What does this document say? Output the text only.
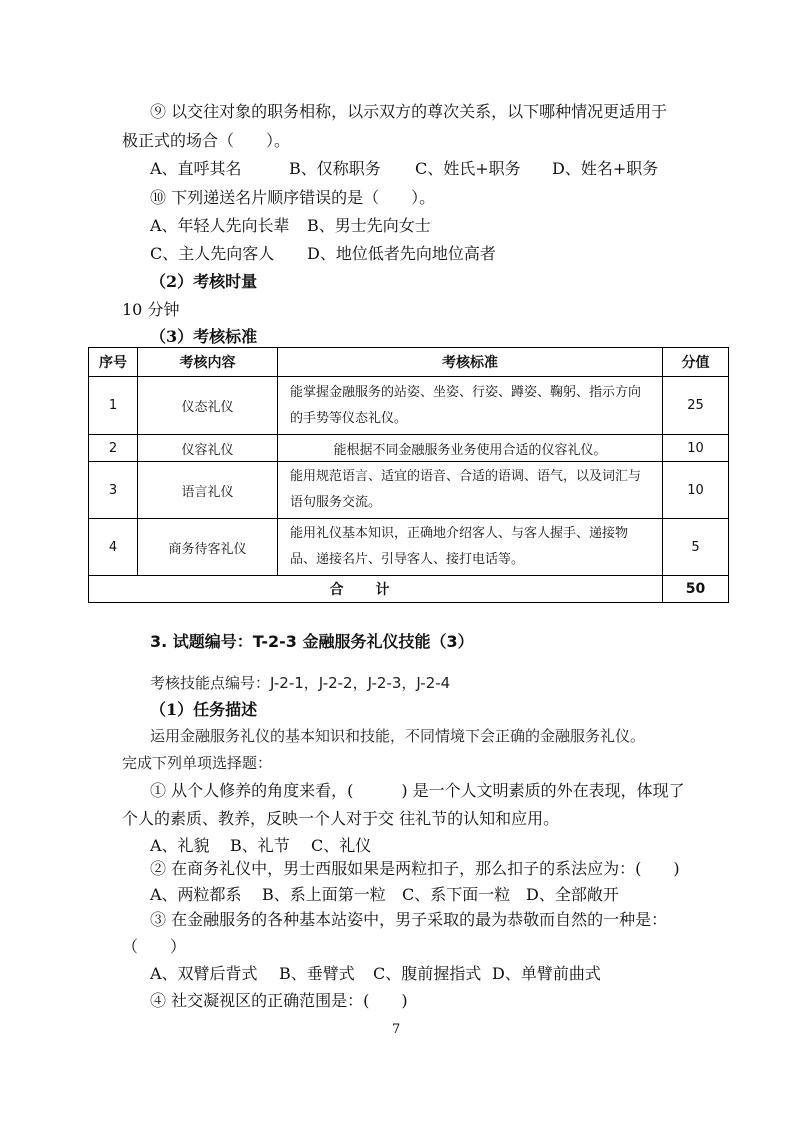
⑨ 以交往对象的职务相称，以示双方的尊次关系，以下哪种情况更适用于
极正式的场合（　　）。
A、直呼其名	B、仅称职务 C、姓氏+职务 D、姓名+职务
⑩ 下列递送名片顺序错误的是（　　）。
A、年轻人先向长辈 B、男士先向女士
C、主人先向客人 D、地位低者先向地位高者
（2）考核时量
10 分钟
（3）考核标准
序号	考核内容	考核标准	分值
1	仪态礼仪	能掌握金融服务的站姿、坐姿、行姿、蹲姿、鞠躬、指示方向的手势等仪态礼仪。	25
2	仪容礼仪	能根据不同金融服务业务使用合适的仪容礼仪。	10
3	语言礼仪	能用规范语言、适宜的语音、合适的语调、语气，以及词汇与语句服务交流。	10
4	商务待客礼仪	能用礼仪基本知识，正确地介绍客人、与客人握手、递接物品、递接名片、引导客人、接打电话等。	5
合计			50
3. 试题编号：T-2-3 金融服务礼仪技能（3）
考核技能点编号：J-2-1，J-2-2，J-2-3，J-2-4
（1）任务描述
运用金融服务礼仪的基本知识和技能，不同情境下会正确的金融服务礼仪。
完成下列单项选择题：
① 从个人修养的角度来看，(　　　) 是一个人文明素质的外在表现，体现了
个人的素质、教养，反映一个人对于交 往礼节的认知和应用。
A、礼貌 B、礼节 C、礼仪
② 在商务礼仪中，男士西服如果是两粒扣子，那么扣子的系法应为：(　　)
A、两粒都系 B、系上面第一粒 C、系下面一粒 D、全部敞开
③ 在金融服务的各种基本站姿中，男子采取的最为恭敬而自然的一种是：
（　　）
A、双臂后背式 B、垂臂式 C、腹前握指式 D、单臂前曲式
④ 社交凝视区的正确范围是：(　　)
7
